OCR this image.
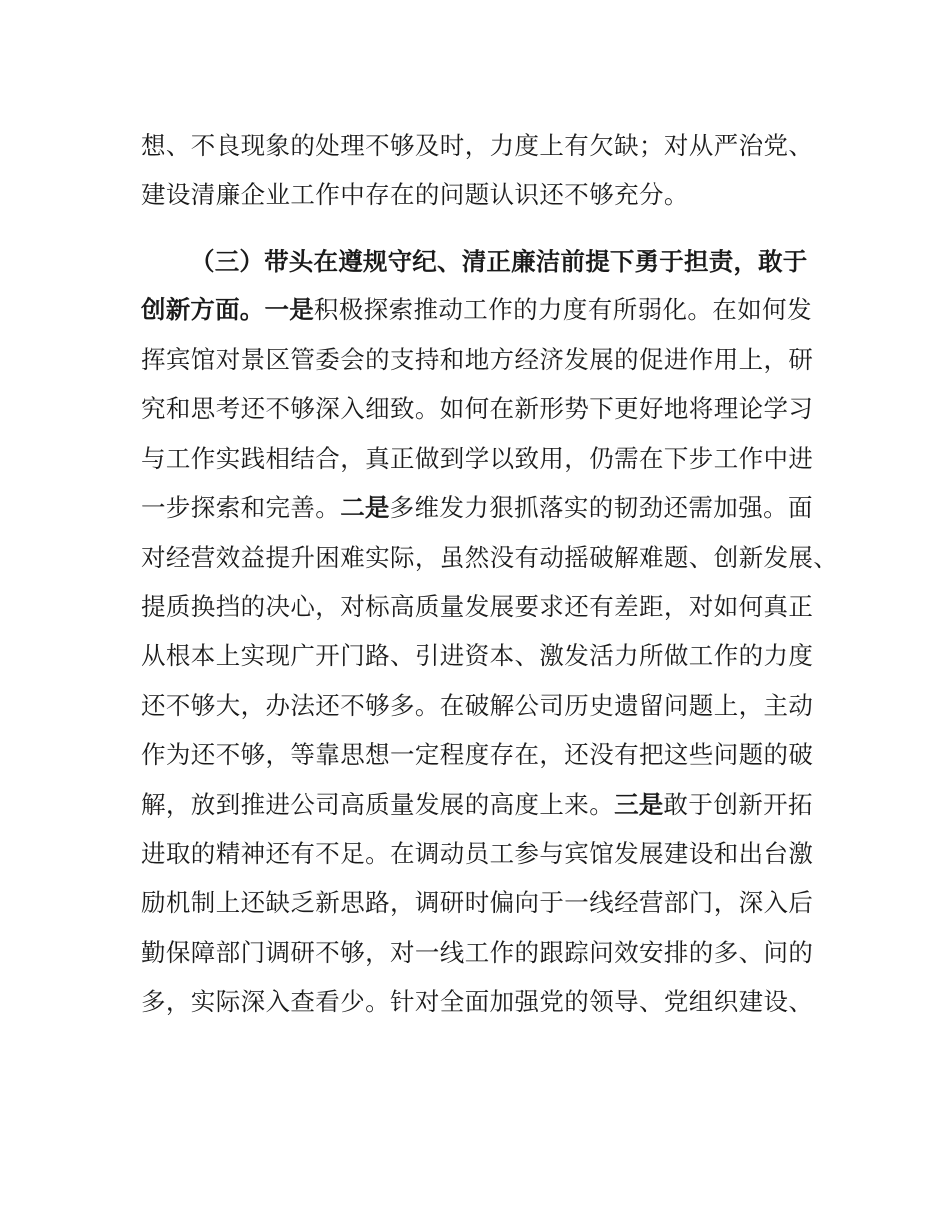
想、不良现象的处理不够及时，力度上有欠缺；对从严治党、
建设清廉企业工作中存在的问题认识还不够充分。
（三）带头在遵规守纪、清正廉洁前提下勇于担责，敢于
创新方面。一是积极探索推动工作的力度有所弱化。在如何发
挥宾馆对景区管委会的支持和地方经济发展的促进作用上，研
究和思考还不够深入细致。如何在新形势下更好地将理论学习
与工作实践相结合，真正做到学以致用，仍需在下步工作中进
一步探索和完善。二是多维发力狠抓落实的韧劲还需加强。面
对经营效益提升困难实际，虽然没有动摇破解难题、创新发展、
提质换挡的决心，对标高质量发展要求还有差距，对如何真正
从根本上实现广开门路、引进资本、激发活力所做工作的力度
还不够大，办法还不够多。在破解公司历史遗留问题上，主动
作为还不够，等靠思想一定程度存在，还没有把这些问题的破
解，放到推进公司高质量发展的高度上来。三是敢于创新开拓
进取的精神还有不足。在调动员工参与宾馆发展建设和出台激
励机制上还缺乏新思路，调研时偏向于一线经营部门，深入后
勤保障部门调研不够，对一线工作的跟踪问效安排的多、问的
多，实际深入查看少。针对全面加强党的领导、党组织建设、
